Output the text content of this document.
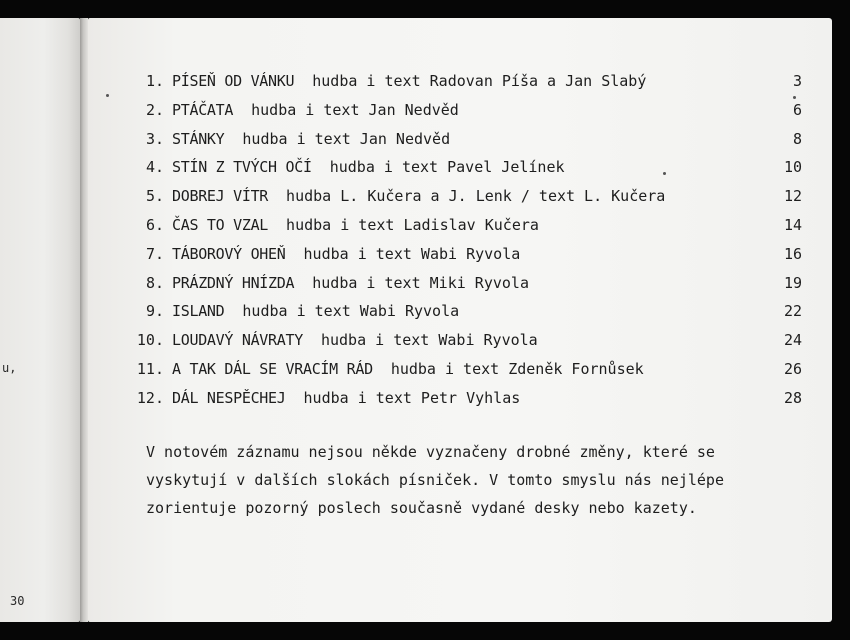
u,
30
1. PÍSEŇ OD VÁNKU hudba i text Radovan Píša a Jan Slabý	3
2. PTÁČATA hudba i text Jan Nedvěd	6
3. STÁNKY hudba i text Jan Nedvěd	8
4. STÍN Z TVÝCH OČÍ hudba i text Pavel Jelínek	10
5. DOBREJ VÍTR hudba L. Kučera a J. Lenk / text L. Kučera	12
6. ČAS TO VZAL hudba i text Ladislav Kučera	14
7. TÁBOROVÝ OHEŇ hudba i text Wabi Ryvola	16
8. PRÁZDNÝ HNÍZDA hudba i text Miki Ryvola	19
9. ISLAND hudba i text Wabi Ryvola	22
10. LOUDAVÝ NÁVRATY hudba i text Wabi Ryvola	24
11. A TAK DÁL SE VRACÍM RÁD hudba i text Zdeněk Fornůsek	26
12. DÁL NESPĚCHEJ hudba i text Petr Vyhlas	28
V notovém záznamu nejsou někde vyznačeny drobné změny, které se
vyskytují v dalších slokách písniček. V tomto smyslu nás nejlépe
zorientuje pozorný poslech současně vydané desky nebo kazety.
